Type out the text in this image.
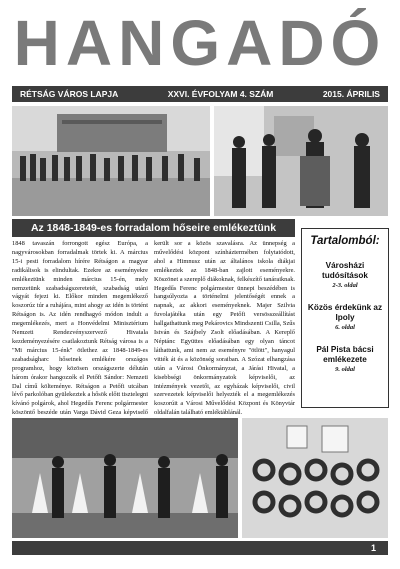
HANGADÓ
RÉTSÁG VÁROS LAPJA	XXVI. ÉVFOLYAM 4. SZÁM	2015. ÁPRILIS
Az 1848-1849-es forradalom hőseire emlékeztünk
1848 tavaszán forrongott egész Európa, a nagyvárosokban forradalmak törtek ki. A március 15-i pesti forradalom hírére Rétságon a magyar radikálisok is elindultak. Ezekre az eseményekre emlékeztünk minden március 15-én, mely nemzetünk szabadságszeretetét, szabadság utáni vágyát fejezi ki. Előkor minden megemlékező koszorúz túr a ruhájára, mint ahogy az idén is történt Rétságon is. Az idén rendhagyó módon indult a megemlékezés, mert a Honvédelmi Minisztérium Nemzeti Rendezvényszervező Hivatala kezdeményezésére csatlakoztunk Rétság városa is a "Mi március 15-énk" ötlethez az 1848-1849-es szabadságharc hőseinek emlékére országos programhoz, hogy közösen országszerte délután három órakor hangozzék el Petőfi Sándor: Nemzeti Dal című költeménye. Rétságon a Petőfi utcában lévő parkolóban gyülekeztek a hősök előtt tisztelegni kívánó polgárok, ahol Hegedűs Ferenc polgármester köszöntő beszéde után Varga Dávid Geza képviselő
került sor a közös szavalásra. Az ünnepség a művelődési központ színháztermében folytatódott, ahol a Himnusz után az általános iskola diákjai emlékeztek az 1848-ban zajlott eseményekre. Köszönet a szereplő diákoknak, felkészítő tanáraiknak. Hegedűs Ferenc polgármester ünnepi beszédében is hangsúlyozta a történelmi jelentőségét ennek a napnak, az akkori eseményeknek. Majer Szilvia fuvolajátéka után egy Petőfi versösszeállítást hallgathattunk meg Pekárovics Mindszenti Csilla, Szűs István és Szájbely Zsolt előadásában. A Kereplő Néptánc Együttes előadásában egy olyan táncot láthattunk, ami nem az eseményre "ötlött", hanyagul vitték át és a közönség soraiban. A Szózat elhangzása után a Városi Önkormányzat, a Járási Hivatal, a kisebbségi önkormányzatok képviselői, az intézmények vezetői, az egyházak képviselői, civil szervezetek képviselői helyezték el a megemlékezés koszorúit a Városi Művelődési Központ és Könyvtár oldalfalán található emléktáblánál.
Tartalomból:
Városházi tudósítások
2-3. oldal
Közös érdekünk az Ipoly
6. oldal
Pál Pista bácsi emlékezete
9. oldal
1
